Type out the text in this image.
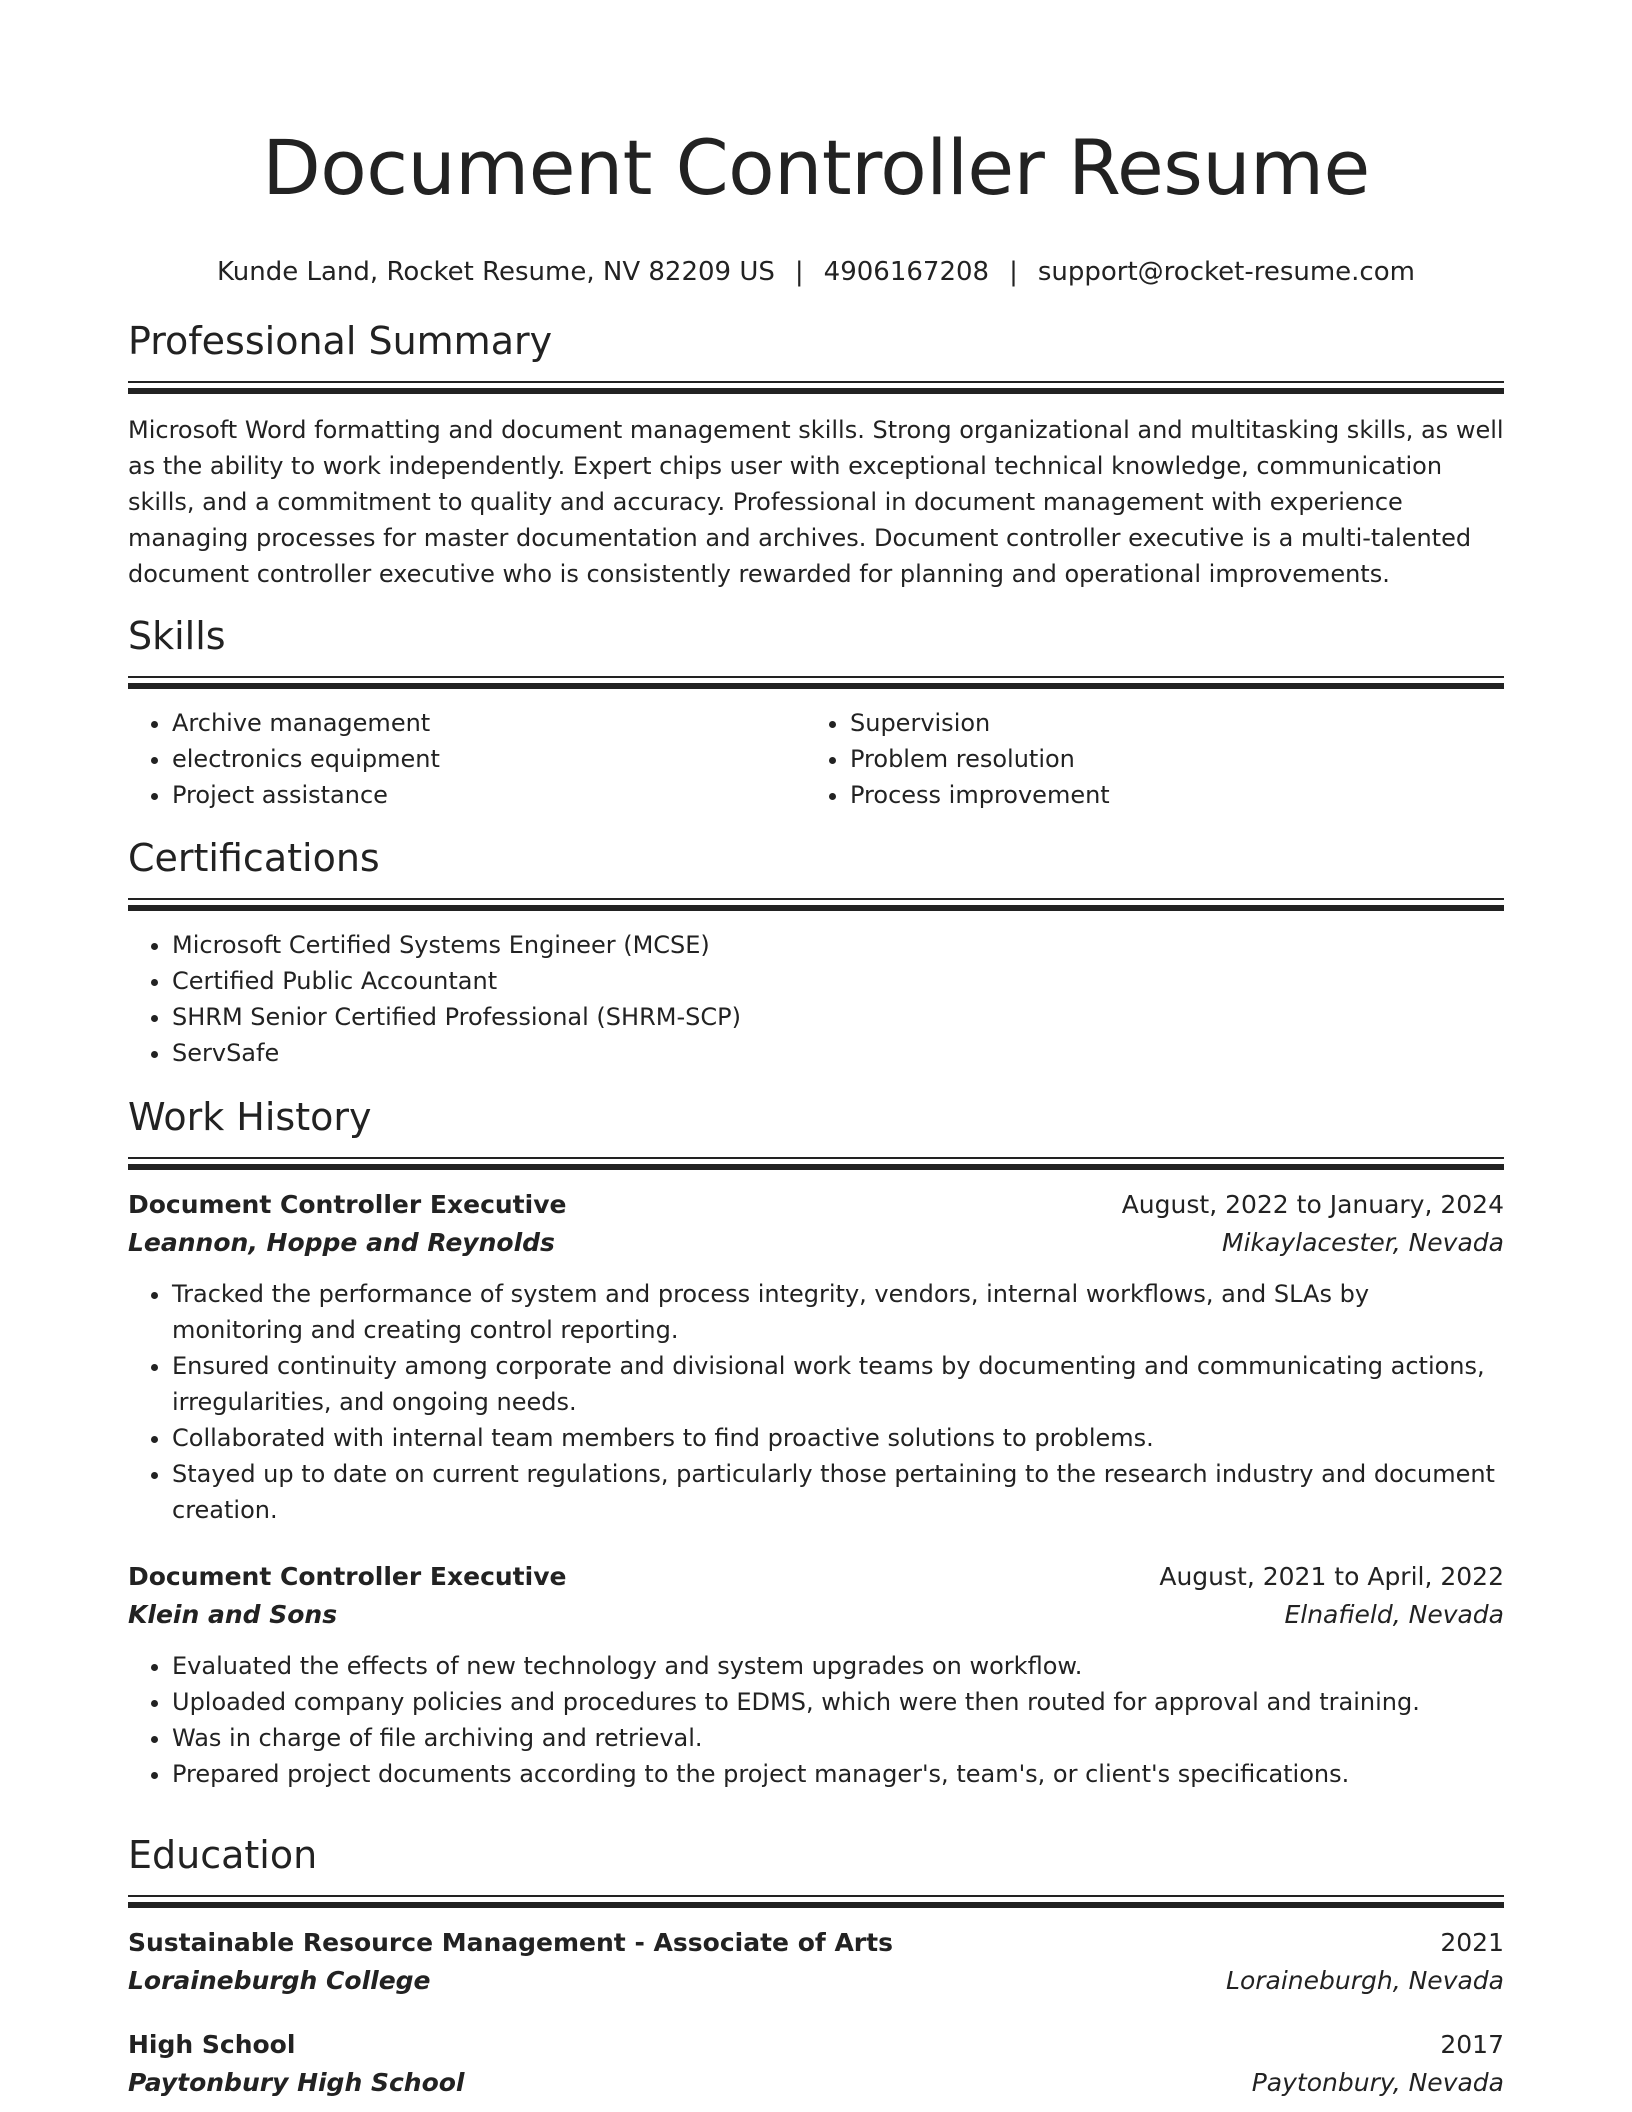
Document Controller Resume
Kunde Land, Rocket Resume, NV 82209 US | 4906167208 | support@rocket-resume.com
Professional Summary

Microsoft Word formatting and document management skills. Strong organizational and multitasking skills, as well as the ability to work independently. Expert chips user with exceptional technical knowledge, communication skills, and a commitment to quality and accuracy. Professional in document management with experience managing processes for master documentation and archives. Document controller executive is a multi-talented document controller executive who is consistently rewarded for planning and operational improvements.

Skills
• Archive management
• electronics equipment
• Project assistance
• Supervision
• Problem resolution
• Process improvement
Certifications
• Microsoft Certified Systems Engineer (MCSE)
• Certified Public Accountant
• SHRM Senior Certified Professional (SHRM-SCP)
• ServSafe
Work History
Document Controller Executive	August, 2022 to January, 2024
Leannon, Hoppe and Reynolds	Mikaylacester, Nevada
• Tracked the performance of system and process integrity, vendors, internal workflows, and SLAs by monitoring and creating control reporting.
• Ensured continuity among corporate and divisional work teams by documenting and communicating actions, irregularities, and ongoing needs.
• Collaborated with internal team members to find proactive solutions to problems.
• Stayed up to date on current regulations, particularly those pertaining to the research industry and document creation.
Document Controller Executive	August, 2021 to April, 2022
Klein and Sons	Elnafield, Nevada
• Evaluated the effects of new technology and system upgrades on workflow.
• Uploaded company policies and procedures to EDMS, which were then routed for approval and training.
• Was in charge of file archiving and retrieval.
• Prepared project documents according to the project manager's, team's, or client's specifications.
Education
Sustainable Resource Management - Associate of Arts	2021
Loraineburgh College	Loraineburgh, Nevada
High School	2017
Paytonbury High School	Paytonbury, Nevada
